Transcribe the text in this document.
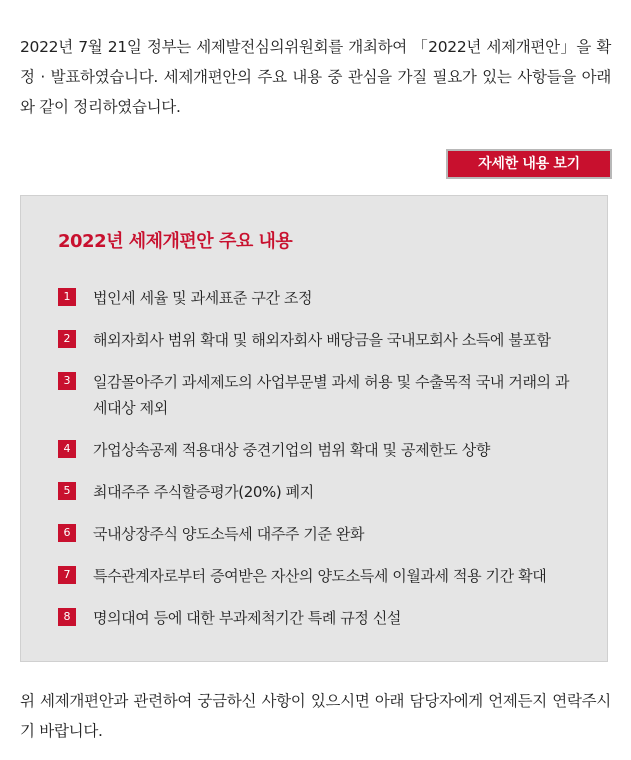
2022년 7월 21일 정부는 세제발전심의위원회를 개최하여 「2022년 세제개편안」을 확정 · 발표하였습니다. 세제개편안의 주요 내용 중 관심을 가질 필요가 있는 사항들을 아래와 같이 정리하였습니다.

자세한 내용 보기
2022년 세제개편안 주요 내용
1	법인세 세율 및 과세표준 구간 조정
2	해외자회사 범위 확대 및 해외자회사 배당금을 국내모회사 소득에 불포함
3	일감몰아주기 과세제도의 사업부문별 과세 허용 및 수출목적 국내 거래의 과세대상 제외
4	가업상속공제 적용대상 중견기업의 범위 확대 및 공제한도 상향
5	최대주주 주식할증평가(20%) 폐지
6	국내상장주식 양도소득세 대주주 기준 완화
7	특수관계자로부터 증여받은 자산의 양도소득세 이월과세 적용 기간 확대
8	명의대여 등에 대한 부과제척기간 특례 규정 신설

위 세제개편안과 관련하여 궁금하신 사항이 있으시면 아래 담당자에게 언제든지 연락주시기 바랍니다.
